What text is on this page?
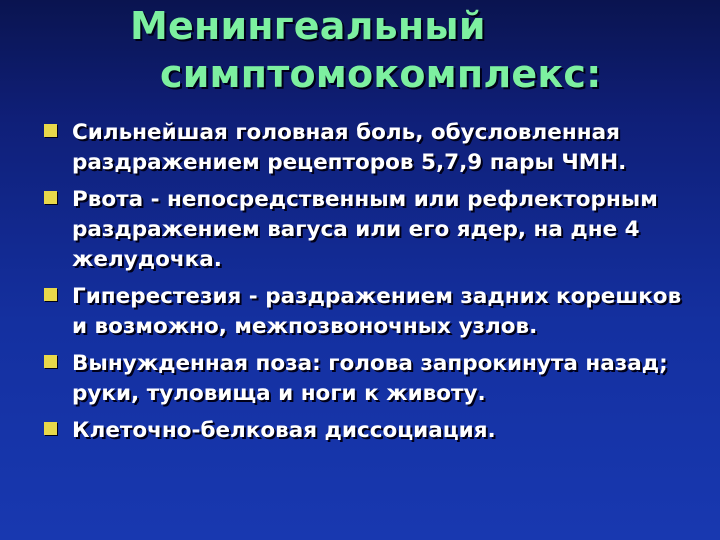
Менингеальный
симптомокомплекс:
Сильнейшая головная боль, обусловленная раздражением рецепторов 5,7,9 пары ЧМН.
Рвота - непосредственным или рефлекторным раздражением вагуса или его ядер, на дне 4 желудочка.
Гиперестезия - раздражением задних корешков и возможно, межпозвоночных узлов.
Вынужденная поза: голова запрокинута назад; руки, туловища и ноги к животу.
Клеточно-белковая диссоциация.
